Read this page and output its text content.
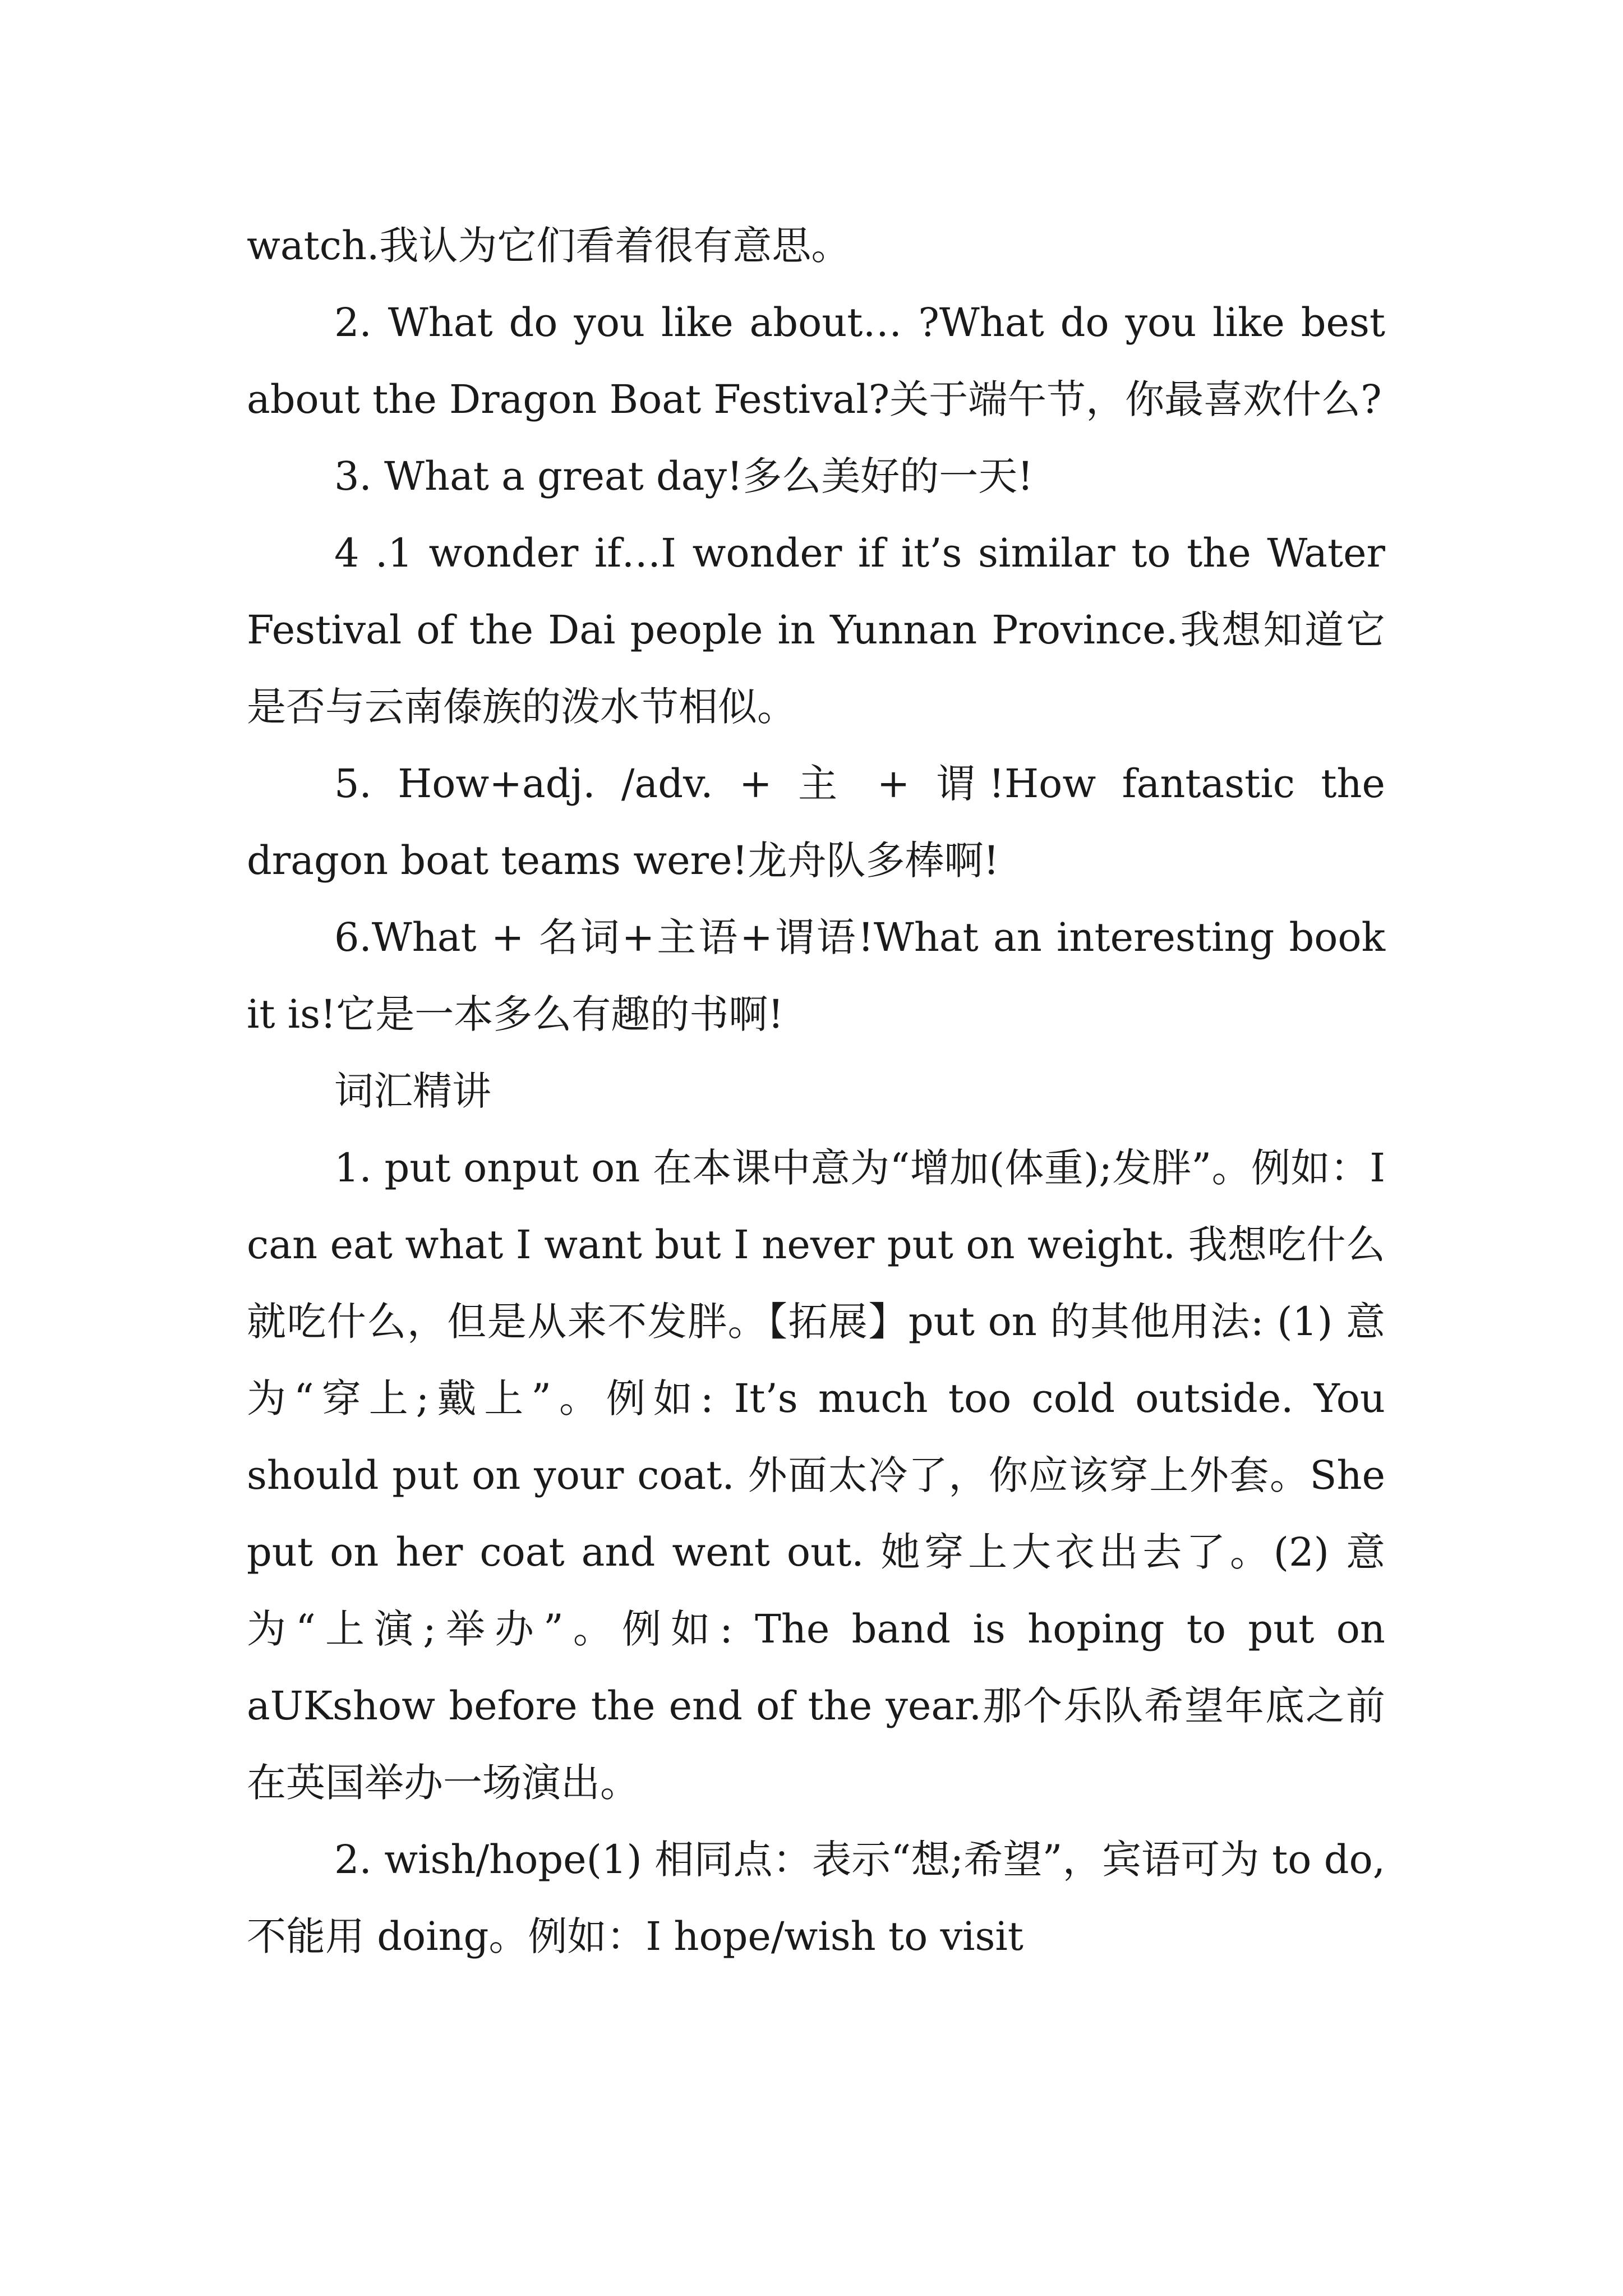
watch.我认为它们看着很有意思。

2. What do you like about… ?What do you like best about the Dragon Boat Festival?关于端午节，你最喜欢什么?

3. What a great day!多么美好的一天!

4 .1 wonder if…I wonder if it’s similar to the Water Festival of the Dai people in Yunnan Province.我想知道它是否与云南傣族的泼水节相似。

5. How+adj. /adv. + 主 + 谓!How fantastic the dragon boat teams were!龙舟队多棒啊!

6.What + 名词+主语+谓语!What an interesting book it is!它是一本多么有趣的书啊!

词汇精讲

1. put onput on 在本课中意为“增加(体重);发胖”。例如：I can eat what I want but I never put on weight. 我想吃什么就吃什么，但是从来不发胖。【拓展】put on 的其他用法: (1) 意为“穿上;戴上”。例如: It’s much too cold outside. You should put on your coat. 外面太冷了，你应该穿上外套。She put on her coat and went out. 她穿上大衣出去了。(2) 意为“上演;举办”。例如: The band is hoping to put on aUKshow before the end of the year.那个乐队希望年底之前在英国举办一场演出。

2. wish/hope(1) 相同点：表示“想;希望”，宾语可为 to do,不能用 doing。例如：I hope/wish to visit
